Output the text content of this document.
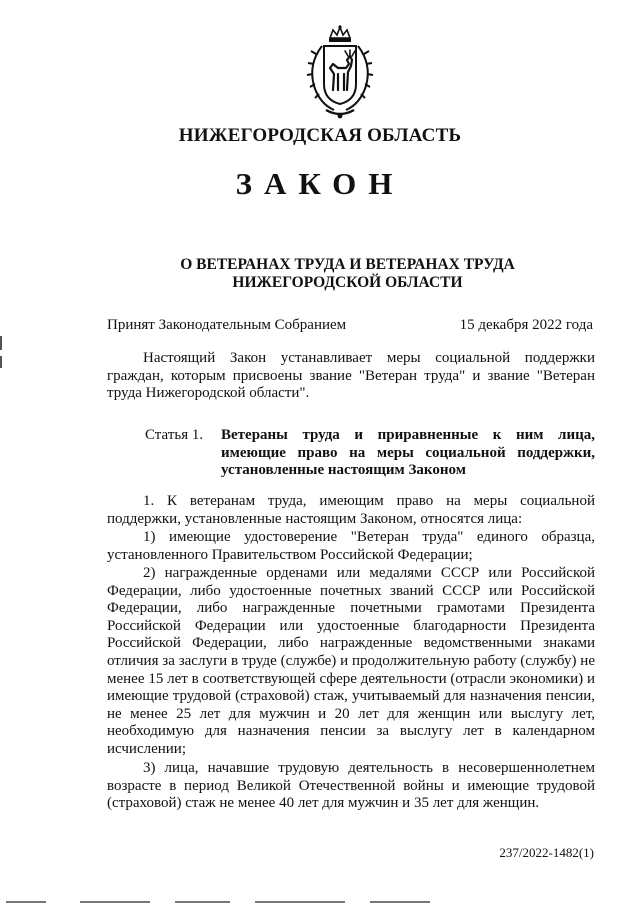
НИЖЕГОРОДСКАЯ ОБЛАСТЬ
ЗАКОН
О ВЕТЕРАНАХ ТРУДА И ВЕТЕРАНАХ ТРУДА
НИЖЕГОРОДСКОЙ ОБЛАСТИ
Принят Законодательным Собранием	15 декабря 2022 года

Настоящий Закон устанавливает меры социальной поддержки граждан, которым присвоены звание "Ветеран труда" и звание "Ветеран труда Нижегородской области".

Статья 1. Ветераны труда и приравненные к ним лица, имеющие право на меры социальной поддержки, установленные настоящим Законом

1. К ветеранам труда, имеющим право на меры социальной поддержки, установленные настоящим Законом, относятся лица:

1) имеющие удостоверение "Ветеран труда" единого образца, установленного Правительством Российской Федерации;

2) награжденные орденами или медалями СССР или Российской Федерации, либо удостоенные почетных званий СССР или Российской Федерации, либо награжденные почетными грамотами Президента Российской Федерации или удостоенные благодарности Президента Российской Федерации, либо награжденные ведомственными знаками отличия за заслуги в труде (службе) и продолжительную работу (службу) не менее 15 лет в соответствующей сфере деятельности (отрасли экономики) и имеющие трудовой (страховой) стаж, учитываемый для назначения пенсии, не менее 25 лет для мужчин и 20 лет для женщин или выслугу лет, необходимую для назначения пенсии за выслугу лет в календарном исчислении;

3) лица, начавшие трудовую деятельность в несовершеннолетнем возрасте в период Великой Отечественной войны и имеющие трудовой (страховой) стаж не менее 40 лет для мужчин и 35 лет для женщин.

237/2022-1482(1)
